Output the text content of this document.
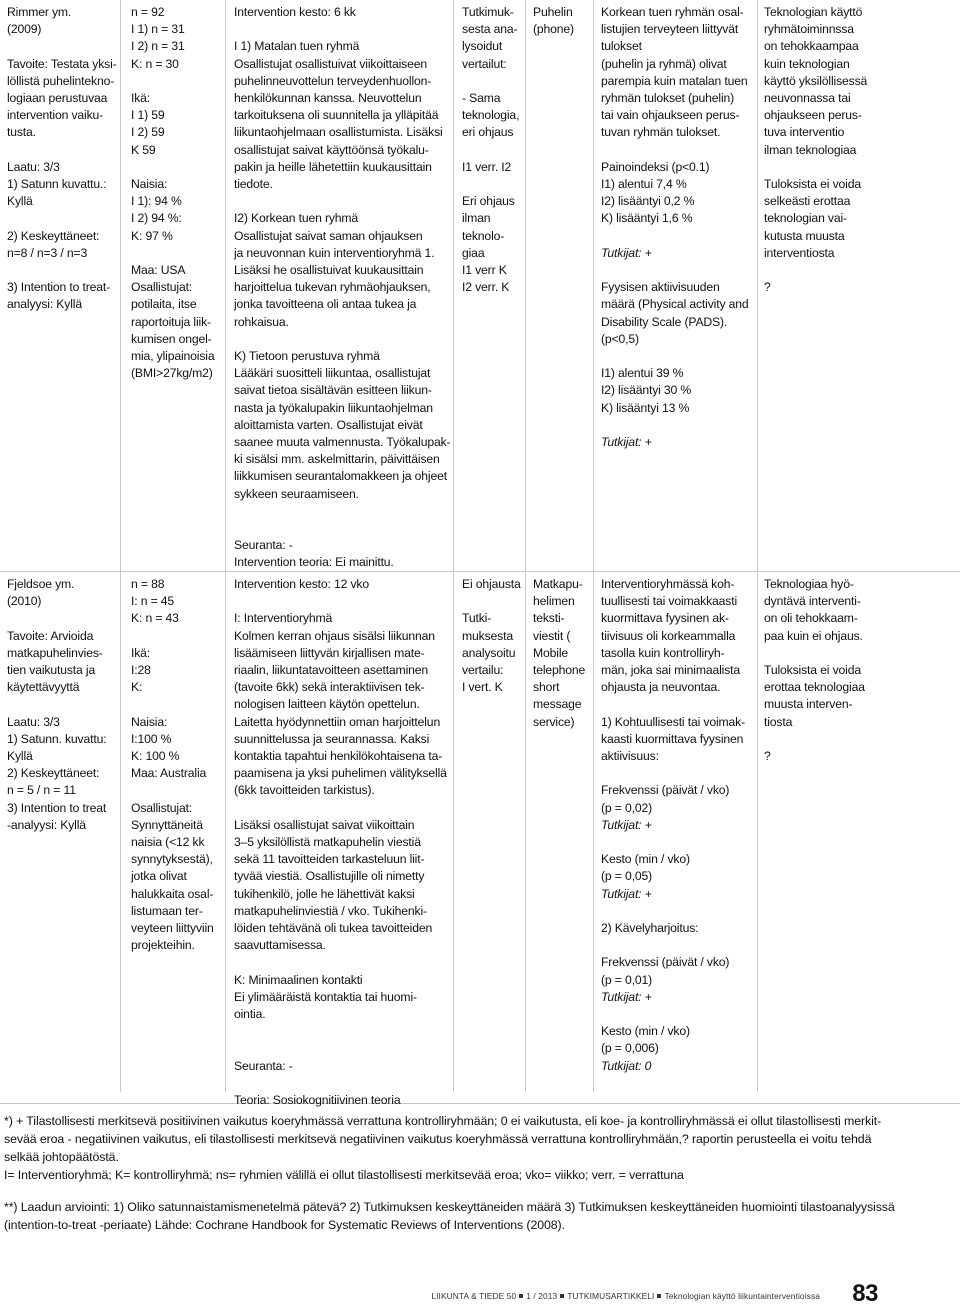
Rimmer ym.
(2009)
Tavoite: Testata yksi-
löllistä puhelintekno-
logiaan perustuvaa
intervention vaiku-
tusta.
Laatu: 3/3
1) Satunn kuvattu.:
Kyllä
2) Keskeyttäneet:
n=8 / n=3 / n=3
3) Intention to treat-
analyysi: Kyllä
n = 92
I 1) n = 31
I 2) n = 31
K: n = 30
Ikä:
I 1) 59
I 2) 59
K 59
Naisia:
I 1): 94 %
I 2) 94 %:
K: 97 %
Maa: USA
Osallistujat:
potilaita, itse
raportoituja liik-
kumisen ongel-
mia, ylipainoisia
(BMI>27kg/m2)
Intervention kesto: 6 kk
I 1) Matalan tuen ryhmä
Osallistujat osallistuivat viikoittaiseen
puhelinneuvottelun terveydenhuollon-
henkilökunnan kanssa. Neuvottelun
tarkoituksena oli suunnitella ja ylläpitää
liikuntaohjelmaan osallistumista. Lisäksi
osallistujat saivat käyttöönsä työkalu-
pakin ja heille lähetettiin kuukausittain
tiedote.
I2) Korkean tuen ryhmä
Osallistujat saivat saman ohjauksen
ja neuvonnan kuin interventioryhmä 1.
Lisäksi he osallistuivat kuukausittain
harjoittelua tukevan ryhmäohjauksen,
jonka tavoitteena oli antaa tukea ja
rohkaisua.
K) Tietoon perustuva ryhmä
Lääkäri suositteli liikuntaa, osallistujat
saivat tietoa sisältävän esitteen liikun-
nasta ja työkalupakin liikuntaohjelman
aloittamista varten. Osallistujat eivät
saanee muuta valmennusta. Työkalupak-
ki sisälsi mm. askelmittarin, päivittäisen
liikkumisen seurantalomakkeen ja ohjeet
sykkeen seuraamiseen.
Seuranta: -
Intervention teoria: Ei mainittu.
Tutkimuk-
sesta ana-
lysoidut
vertailut:
- Sama
teknologia,
eri ohjaus
I1 verr. I2
Eri ohjaus
ilman
teknolo-
giaa
I1 verr K
I2 verr. K
Puhelin
(phone)
Korkean tuen ryhmän osal-
listujien terveyteen liittyvät
tulokset
(puhelin ja ryhmä) olivat
parempia kuin matalan tuen
ryhmän tulokset (puhelin)
tai vain ohjaukseen perus-
tuvan ryhmän tulokset.
Painoindeksi (p<0.1)
I1) alentui 7,4 %
I2) lisääntyi 0,2 %
K) lisääntyi 1,6 %
Tutkijat: +
Fyysisen aktiivisuuden
määrä (Physical activity and
Disability Scale (PADS).
(p<0,5)
I1) alentui 39 %
I2) lisääntyi 30 %
K) lisääntyi 13 %
Tutkijat: +
Teknologian käyttö
ryhmätoiminnssa
on tehokkaampaa
kuin teknologian
käyttö yksilöllisessä
neuvonnassa tai
ohjaukseen perus-
tuva interventio
ilman teknologiaa
Tuloksista ei voida
selkeästi erottaa
teknologian vai-
kutusta muusta
interventiosta
?
Fjeldsoe ym.
(2010)
Tavoite: Arvioida
matkapuhelinvies-
tien vaikutusta ja
käytettävyyttä
Laatu: 3/3
1) Satunn. kuvattu:
Kyllä
2) Keskeyttäneet:
n = 5 / n = 11
3) Intention to treat
-analyysi: Kyllä
n = 88
I: n = 45
K: n = 43
Ikä:
I:28
K:
Naisia:
I:100 %
K: 100 %
Maa: Australia
Osallistujat:
Synnyttäneitä
naisia (<12 kk
synnytyksestä),
jotka olivat
halukkaita osal-
listumaan ter-
veyteen liittyviin
projekteihin.
Intervention kesto: 12 vko
I: Interventioryhmä
Kolmen kerran ohjaus sisälsi liikunnan
lisäämiseen liittyvän kirjallisen mate-
riaalin, liikuntatavoitteen asettaminen
(tavoite 6kk) sekä interaktiivisen tek-
nologisen laitteen käytön opettelun.
Laitetta hyödynnettiin oman harjoittelun
suunnittelussa ja seurannassa. Kaksi
kontaktia tapahtui henkilökohtaisena ta-
paamisena ja yksi puhelimen välityksellä
(6kk tavoitteiden tarkistus).
Lisäksi osallistujat saivat viikoittain
3–5 yksilöllistä matkapuhelin viestiä
sekä 11 tavoitteiden tarkasteluun liit-
tyvää viestiä. Osallistujille oli nimetty
tukihenkilö, jolle he lähettivät kaksi
matkapuhelinviestiä / vko. Tukihenki-
löiden tehtävänä oli tukea tavoitteiden
saavuttamisessa.
K: Minimaalinen kontakti
Ei ylimääräistä kontaktia tai huomi-
ointia.
Seuranta: -
Teoria: Sosiokognitiivinen teoria
Ei ohjausta
Tutki-
muksesta
analysoitu
vertailu:
I vert. K
Matkapu-
helimen
teksti-
viestit (
Mobile
telephone
short
message
service)
Interventioryhmässä koh-
tuullisesti tai voimakkaasti
kuormittava fyysinen ak-
tiivisuus oli korkeammalla
tasolla kuin kontrolliryh-
män, joka sai minimaalista
ohjausta ja neuvontaa.
1) Kohtuullisesti tai voimak-
kaasti kuormittava fyysinen
aktiivisuus:
Frekvenssi (päivät / vko)
(p = 0,02)
Tutkijat: +
Kesto (min / vko)
(p = 0,05)
Tutkijat: +
2) Kävelyharjoitus:
Frekvenssi (päivät / vko)
(p = 0,01)
Tutkijat: +
Kesto (min / vko)
(p = 0,006)
Tutkijat: 0
Teknologiaa hyö-
dyntävä interventi-
on oli tehokkaam-
paa kuin ei ohjaus.
Tuloksista ei voida
erottaa teknologiaa
muusta interven-
tiosta
?
*) + Tilastollisesti merkitsevä positiivinen vaikutus koeryhmässä verrattuna kontrolliryhmään; 0 ei vaikutusta, eli koe- ja kontrolliryhmässä ei ollut tilastollisesti merkit-
sevää eroa - negatiivinen vaikutus, eli tilastollisesti merkitsevä negatiivinen vaikutus koeryhmässä verrattuna kontrolliryhmään,? raportin perusteella ei voitu tehdä
selkää johtopäätöstä.
I= Interventioryhmä; K= kontrolliryhmä; ns= ryhmien välillä ei ollut tilastollisesti merkitsevää eroa; vko= viikko; verr. = verrattuna
**) Laadun arviointi: 1) Oliko satunnaistamismenetelmä pätevä? 2) Tutkimuksen keskeyttäneiden määrä 3) Tutkimuksen keskeyttäneiden huomiointi tilastoanalyysissä
(intention-to-treat -periaate) Lähde: Cochrane Handbook for Systematic Reviews of Interventions (2008).
LIIKUNTA & TIEDE 50 1 / 2013 TUTKIMUSARTIKKELI Teknologian käyttö liikuntainterventioissa 83
